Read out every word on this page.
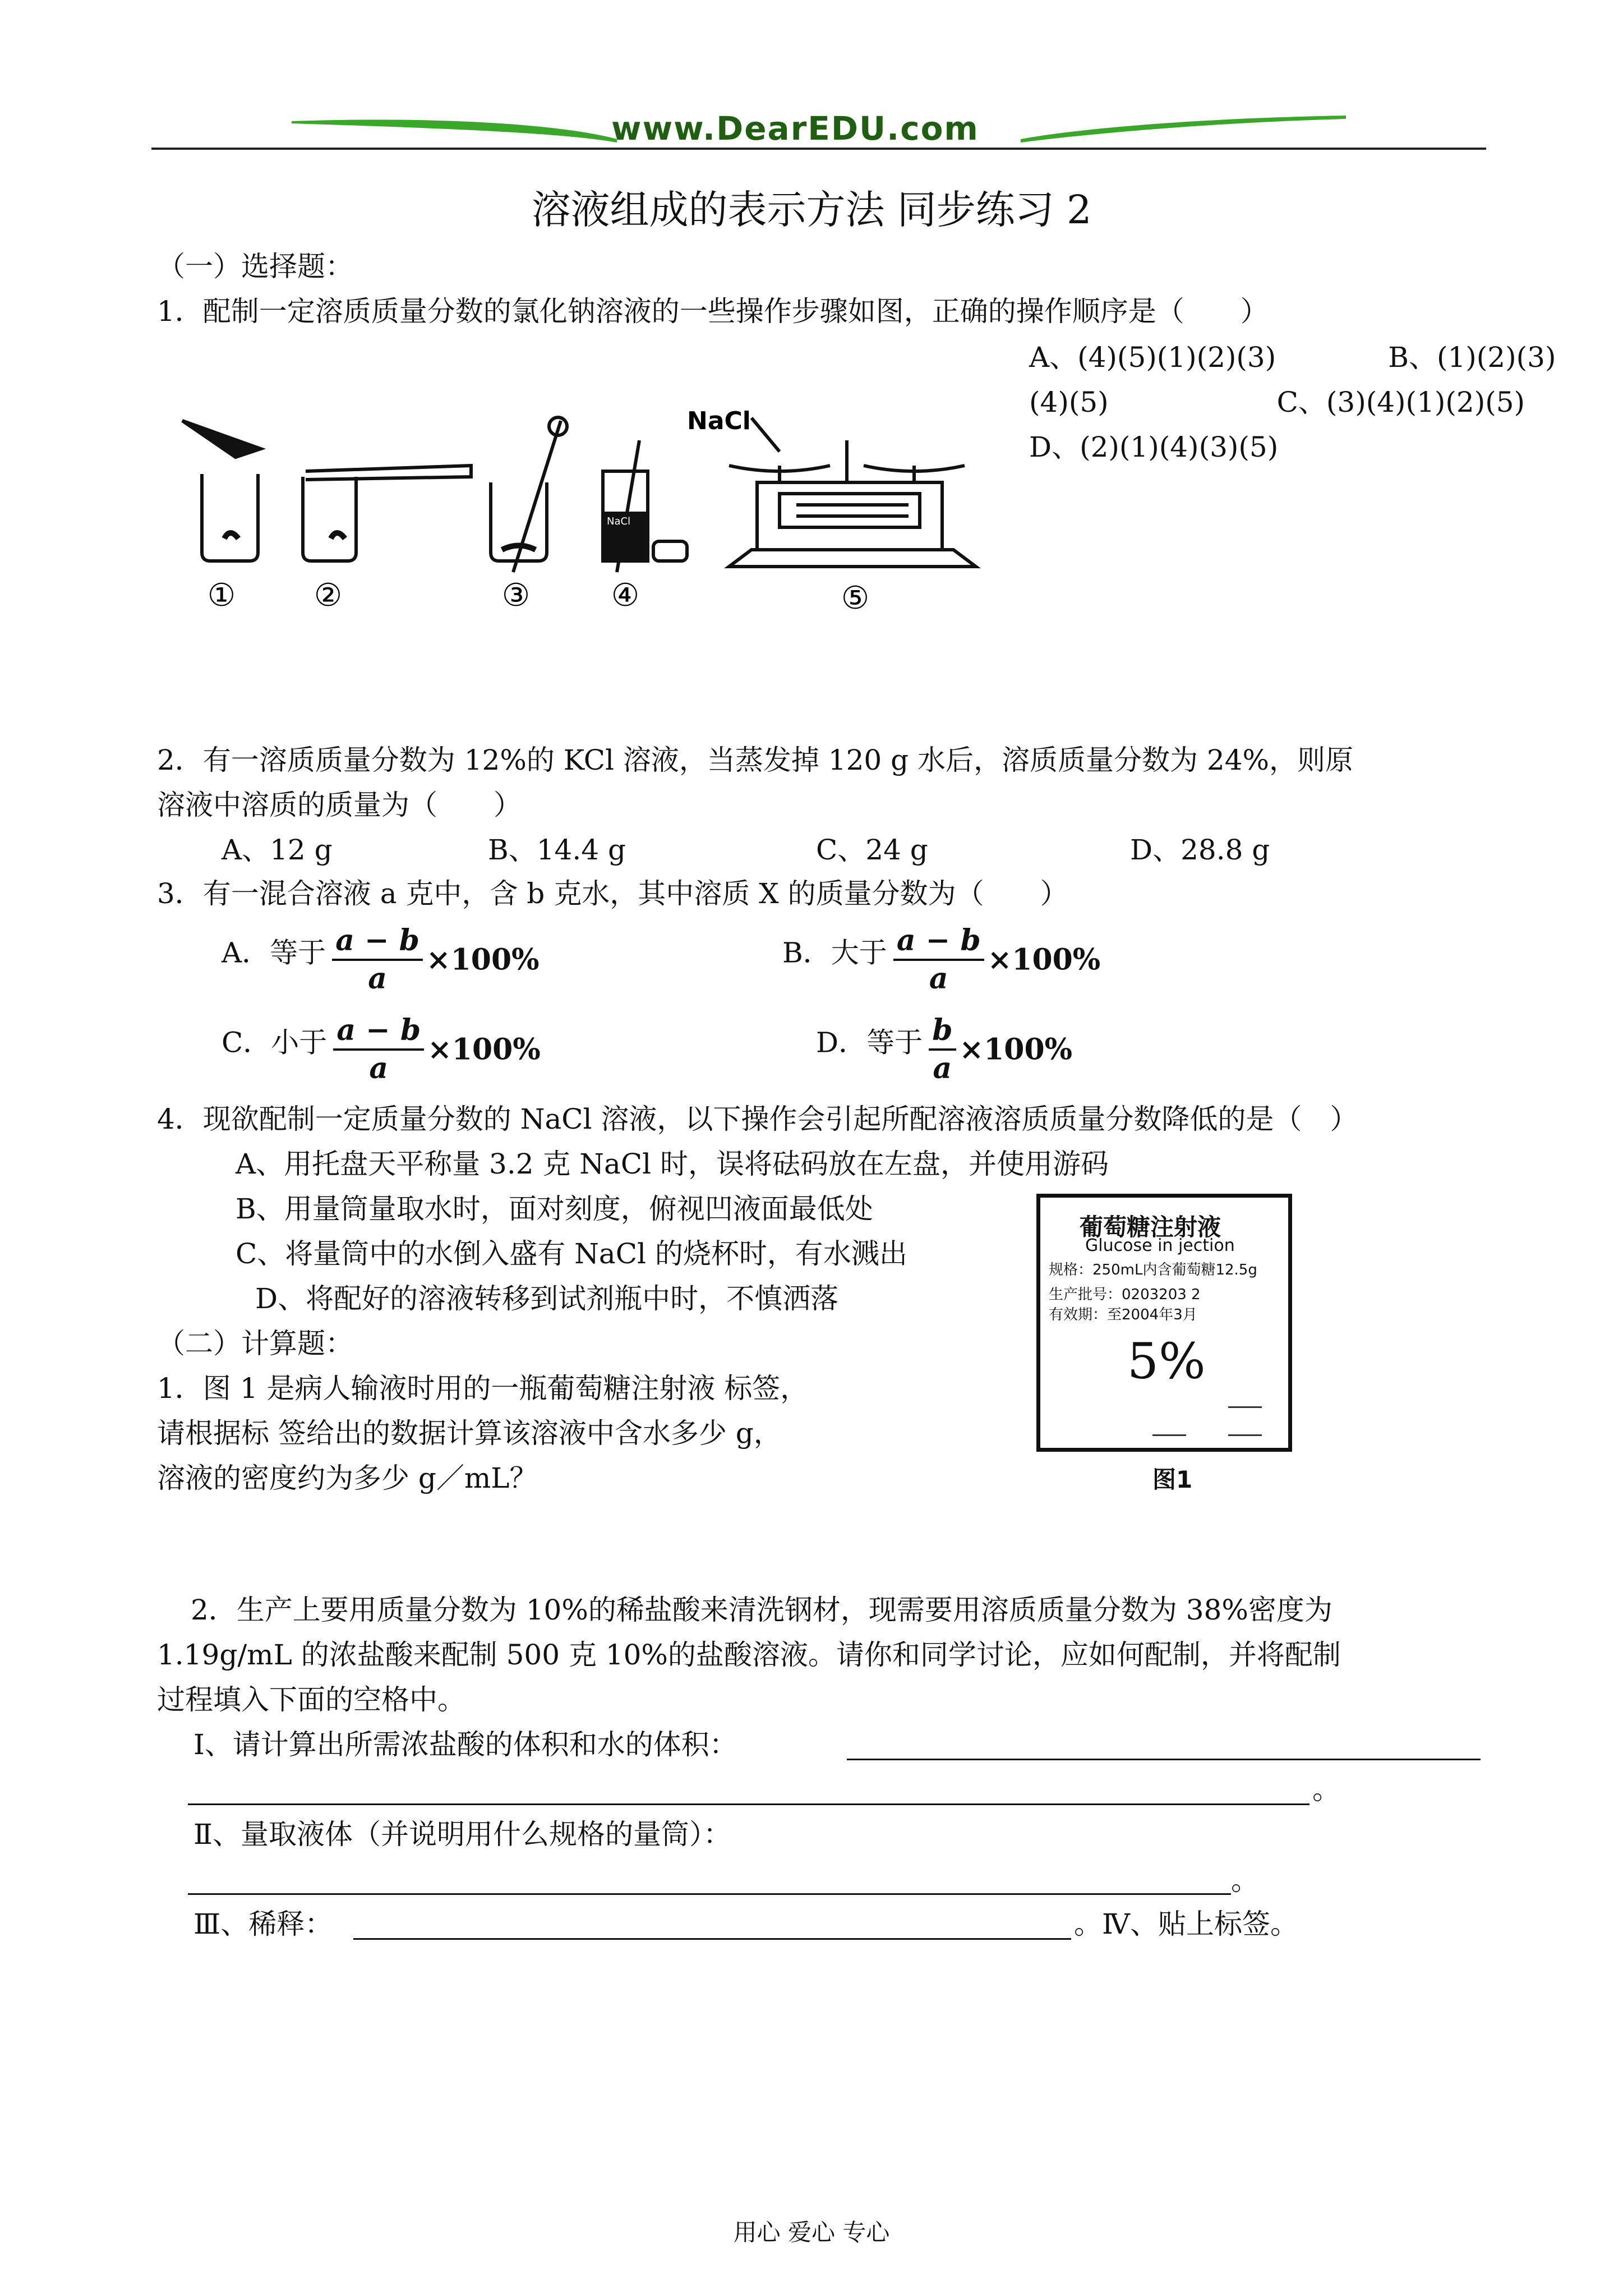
www.DearEDU.com
溶液组成的表示方法 同步练习 2
（一）选择题：
1．配制一定溶质质量分数的氯化钠溶液的一些操作步骤如图，正确的操作顺序是（　　）
A、(4)(5)(1)(2)(3)　　　　B、(1)(2)(3)
(4)(5)　　　　　　C、(3)(4)(1)(2)(5)
D、(2)(1)(4)(3)(5)
NaCl
NaCl
① ②	③	④	⑤
2．有一溶质质量分数为 12%的 KCl 溶液，当蒸发掉 120 g 水后，溶质质量分数为 24%，则原
溶液中溶质的质量为（　　）
A、12 g	B、14.4 g	C、24 g	D、28.8 g
3．有一混合溶液 a 克中，含 b 克水，其中溶质 X 的质量分数为（　　）
A．等于 $\frac{a - b}{a} \times 100\%$	B．大于 $\frac{a - b}{a} \times 100\%$
C．小于 $\frac{a - b}{a} \times 100\%$	D．等于 $\frac{b}{a} \times 100\%$
4．现欲配制一定质量分数的 NaCl 溶液，以下操作会引起所配溶液溶质质量分数降低的是（　）
A、用托盘天平称量 3.2 克 NaCl 时，误将砝码放在左盘，并使用游码
B、用量筒量取水时，面对刻度，俯视凹液面最低处
C、将量筒中的水倒入盛有 NaCl 的烧杯时，有水溅出
D、将配好的溶液转移到试剂瓶中时，不慎洒落
（二）计算题：
1．图 1 是病人输液时用的一瓶葡萄糖注射液 标签，
请根据标 签给出的数据计算该溶液中含水多少 g，
溶液的密度约为多少 g／mL？
葡萄糖注射液
Glucose in jection
规格：250mL内含葡萄糖12.5g
生产批号：0203203 2
有效期：至2004年3月
5%
图1
2．生产上要用质量分数为 10%的稀盐酸来清洗钢材，现需要用溶质质量分数为 38%密度为
1.19g/mL 的浓盐酸来配制 500 克 10%的盐酸溶液。请你和同学讨论，应如何配制，并将配制
过程填入下面的空格中。
Ⅰ、请计算出所需浓盐酸的体积和水的体积：
。
Ⅱ、量取液体（并说明用什么规格的量筒）：
。
Ⅲ、稀释：	。Ⅳ、贴上标签。
用心 爱心 专心
